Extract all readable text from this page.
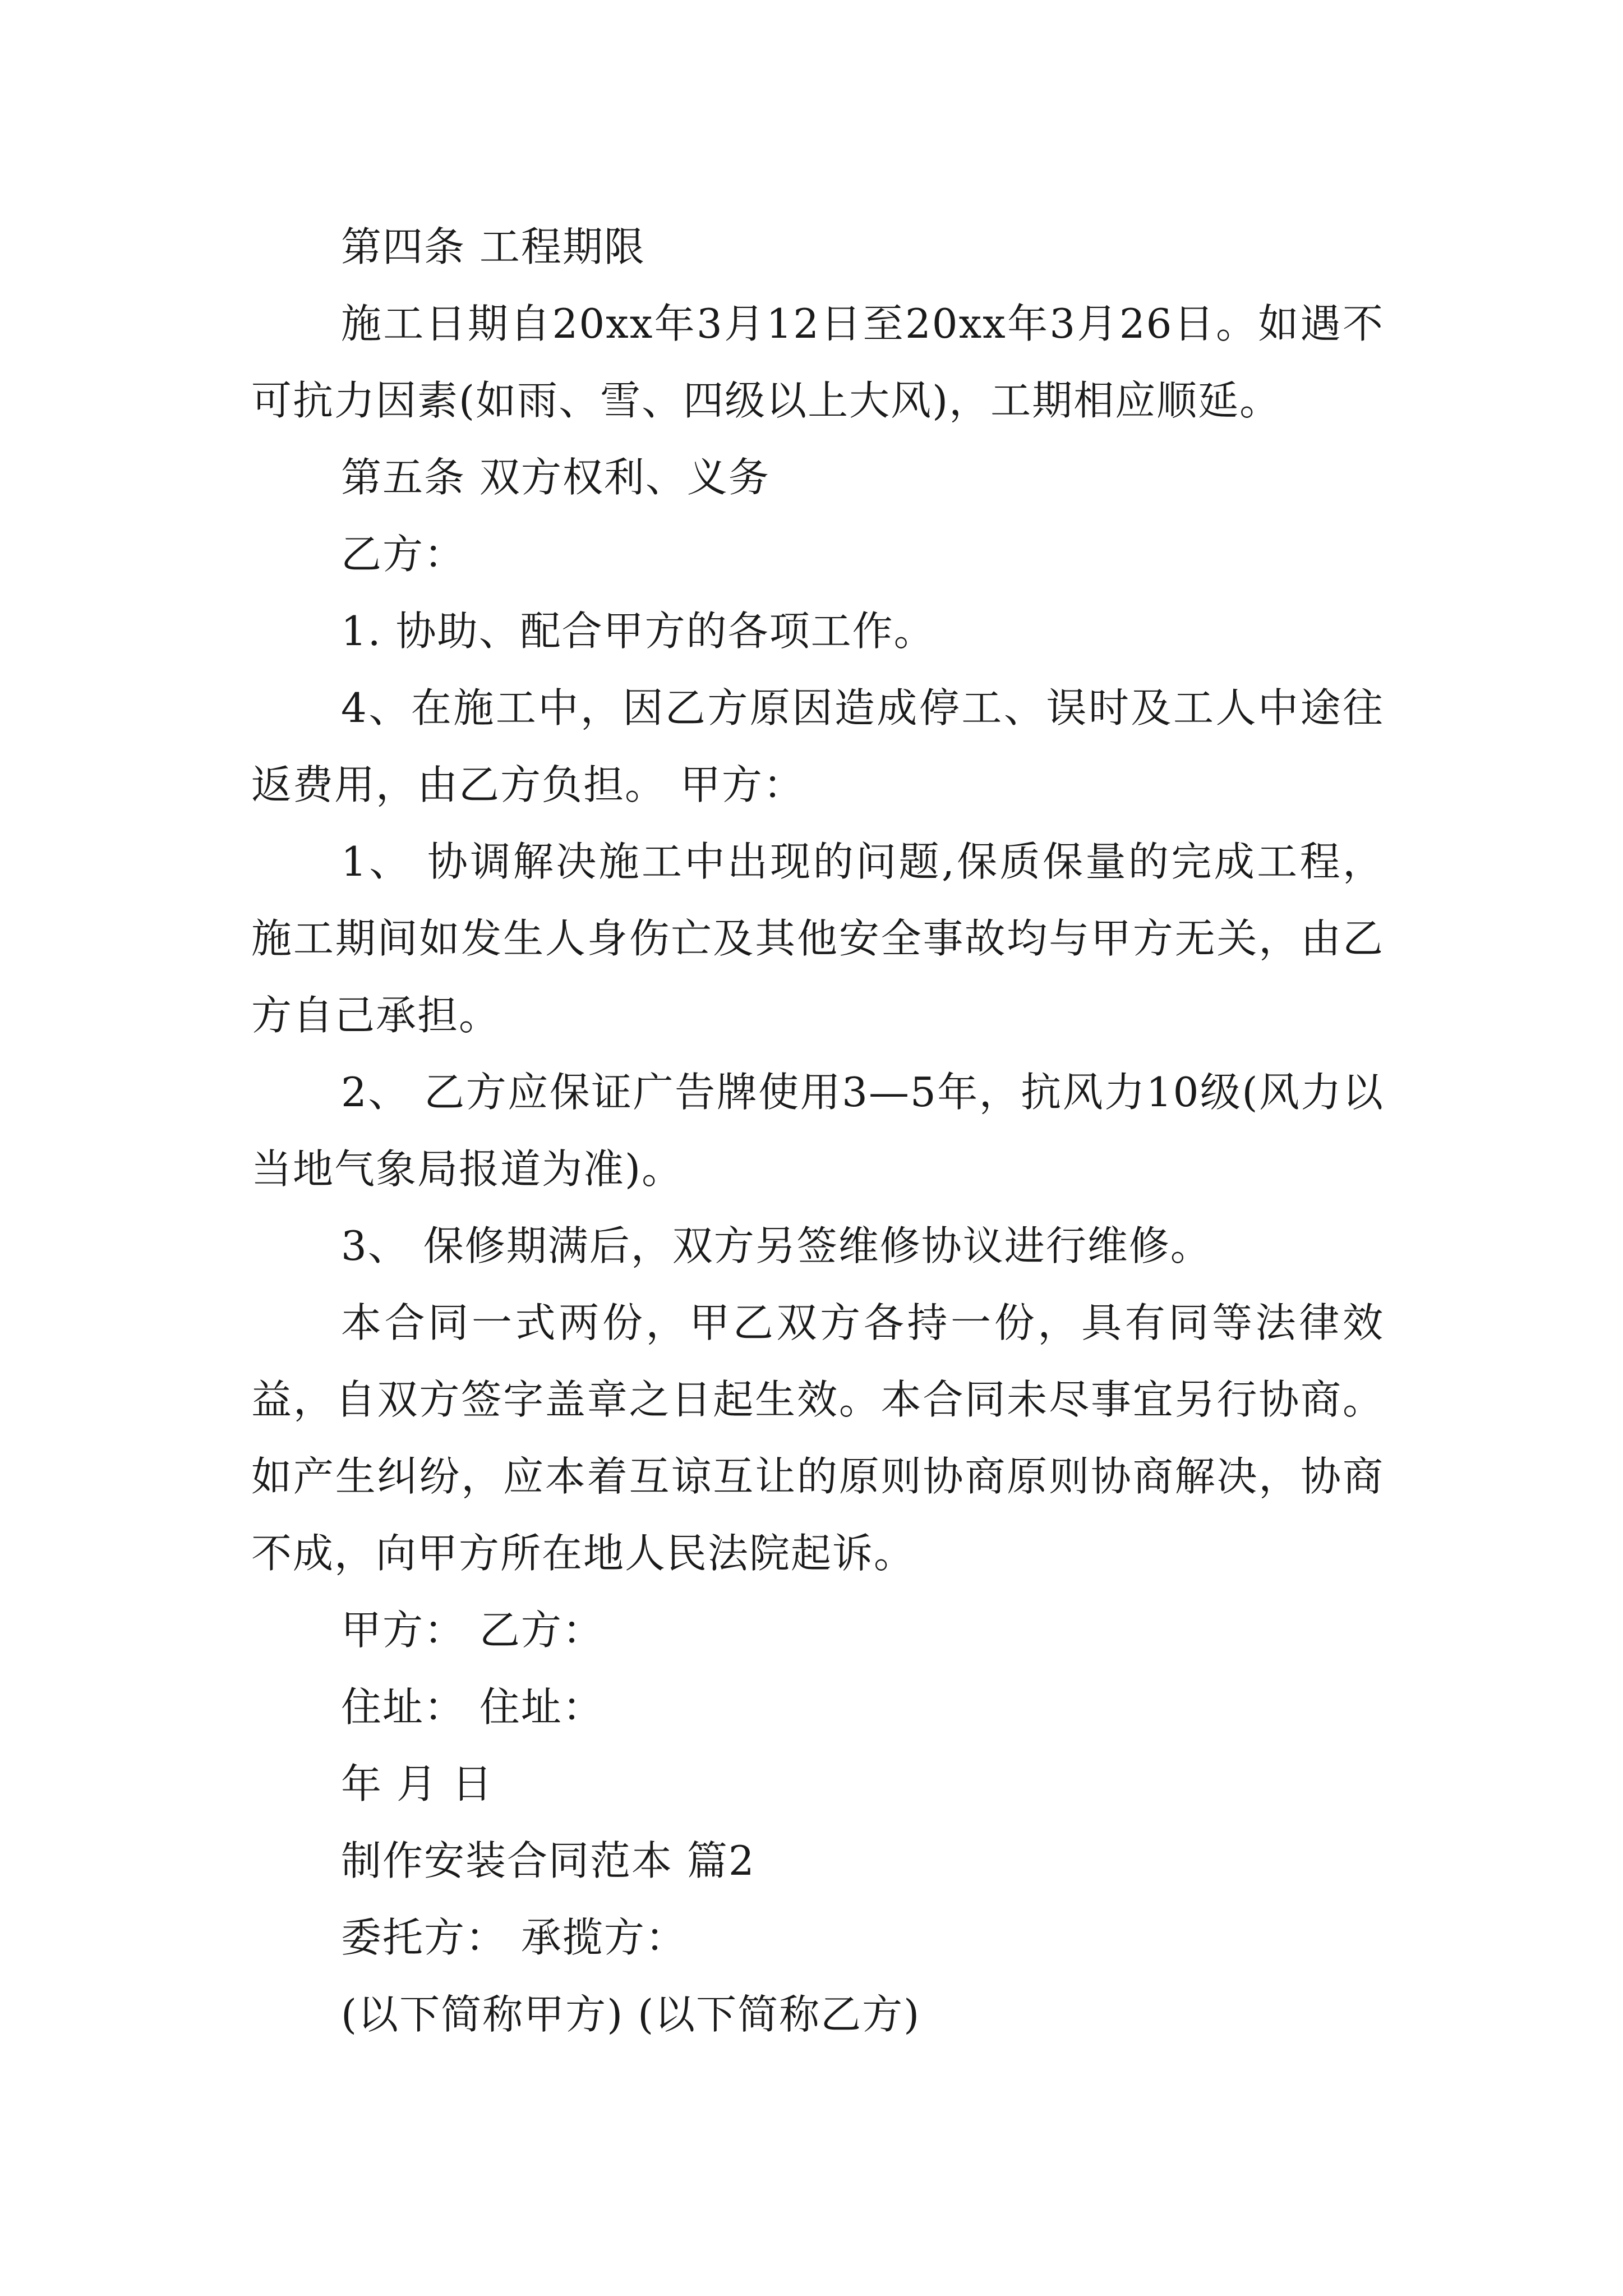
第四条 工程期限

施工日期自20xx年3月12日至20xx年3月26日。如遇不可抗力因素(如雨、雪、四级以上大风)，工期相应顺延。

第五条 双方权利、义务

乙方：

1. 协助、配合甲方的各项工作。

4、在施工中，因乙方原因造成停工、误时及工人中途往返费用，由乙方负担。 甲方：

1、 协调解决施工中出现的问题,保质保量的完成工程，施工期间如发生人身伤亡及其他安全事故均与甲方无关，由乙方自己承担。

2、 乙方应保证广告牌使用3—5年，抗风力10级(风力以当地气象局报道为准)。

3、 保修期满后，双方另签维修协议进行维修。

本合同一式两份，甲乙双方各持一份，具有同等法律效益，自双方签字盖章之日起生效。本合同未尽事宜另行协商。如产生纠纷，应本着互谅互让的原则协商原则协商解决，协商不成，向甲方所在地人民法院起诉。

甲方： 乙方：

住址： 住址：

年 月 日

制作安装合同范本 篇2

委托方： 承揽方：

(以下简称甲方) (以下简称乙方)
